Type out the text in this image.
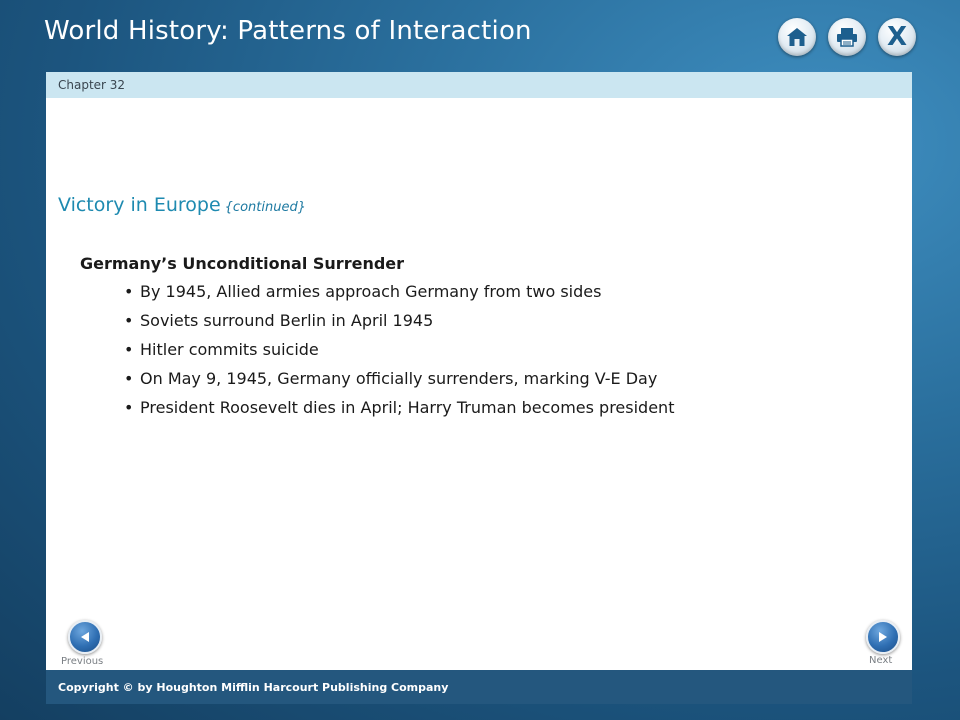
World History: Patterns of Interaction	X
Chapter 32
Victory in Europe {continued}
Germany’s Unconditional Surrender
• By 1945, Allied armies approach Germany from two sides
• Soviets surround Berlin in April 1945
• Hitler commits suicide
• On May 9, 1945, Germany officially surrenders, marking V-E Day
• President Roosevelt dies in April; Harry Truman becomes president
Previous	Next
Copyright © by Houghton Mifflin Harcourt Publishing Company
